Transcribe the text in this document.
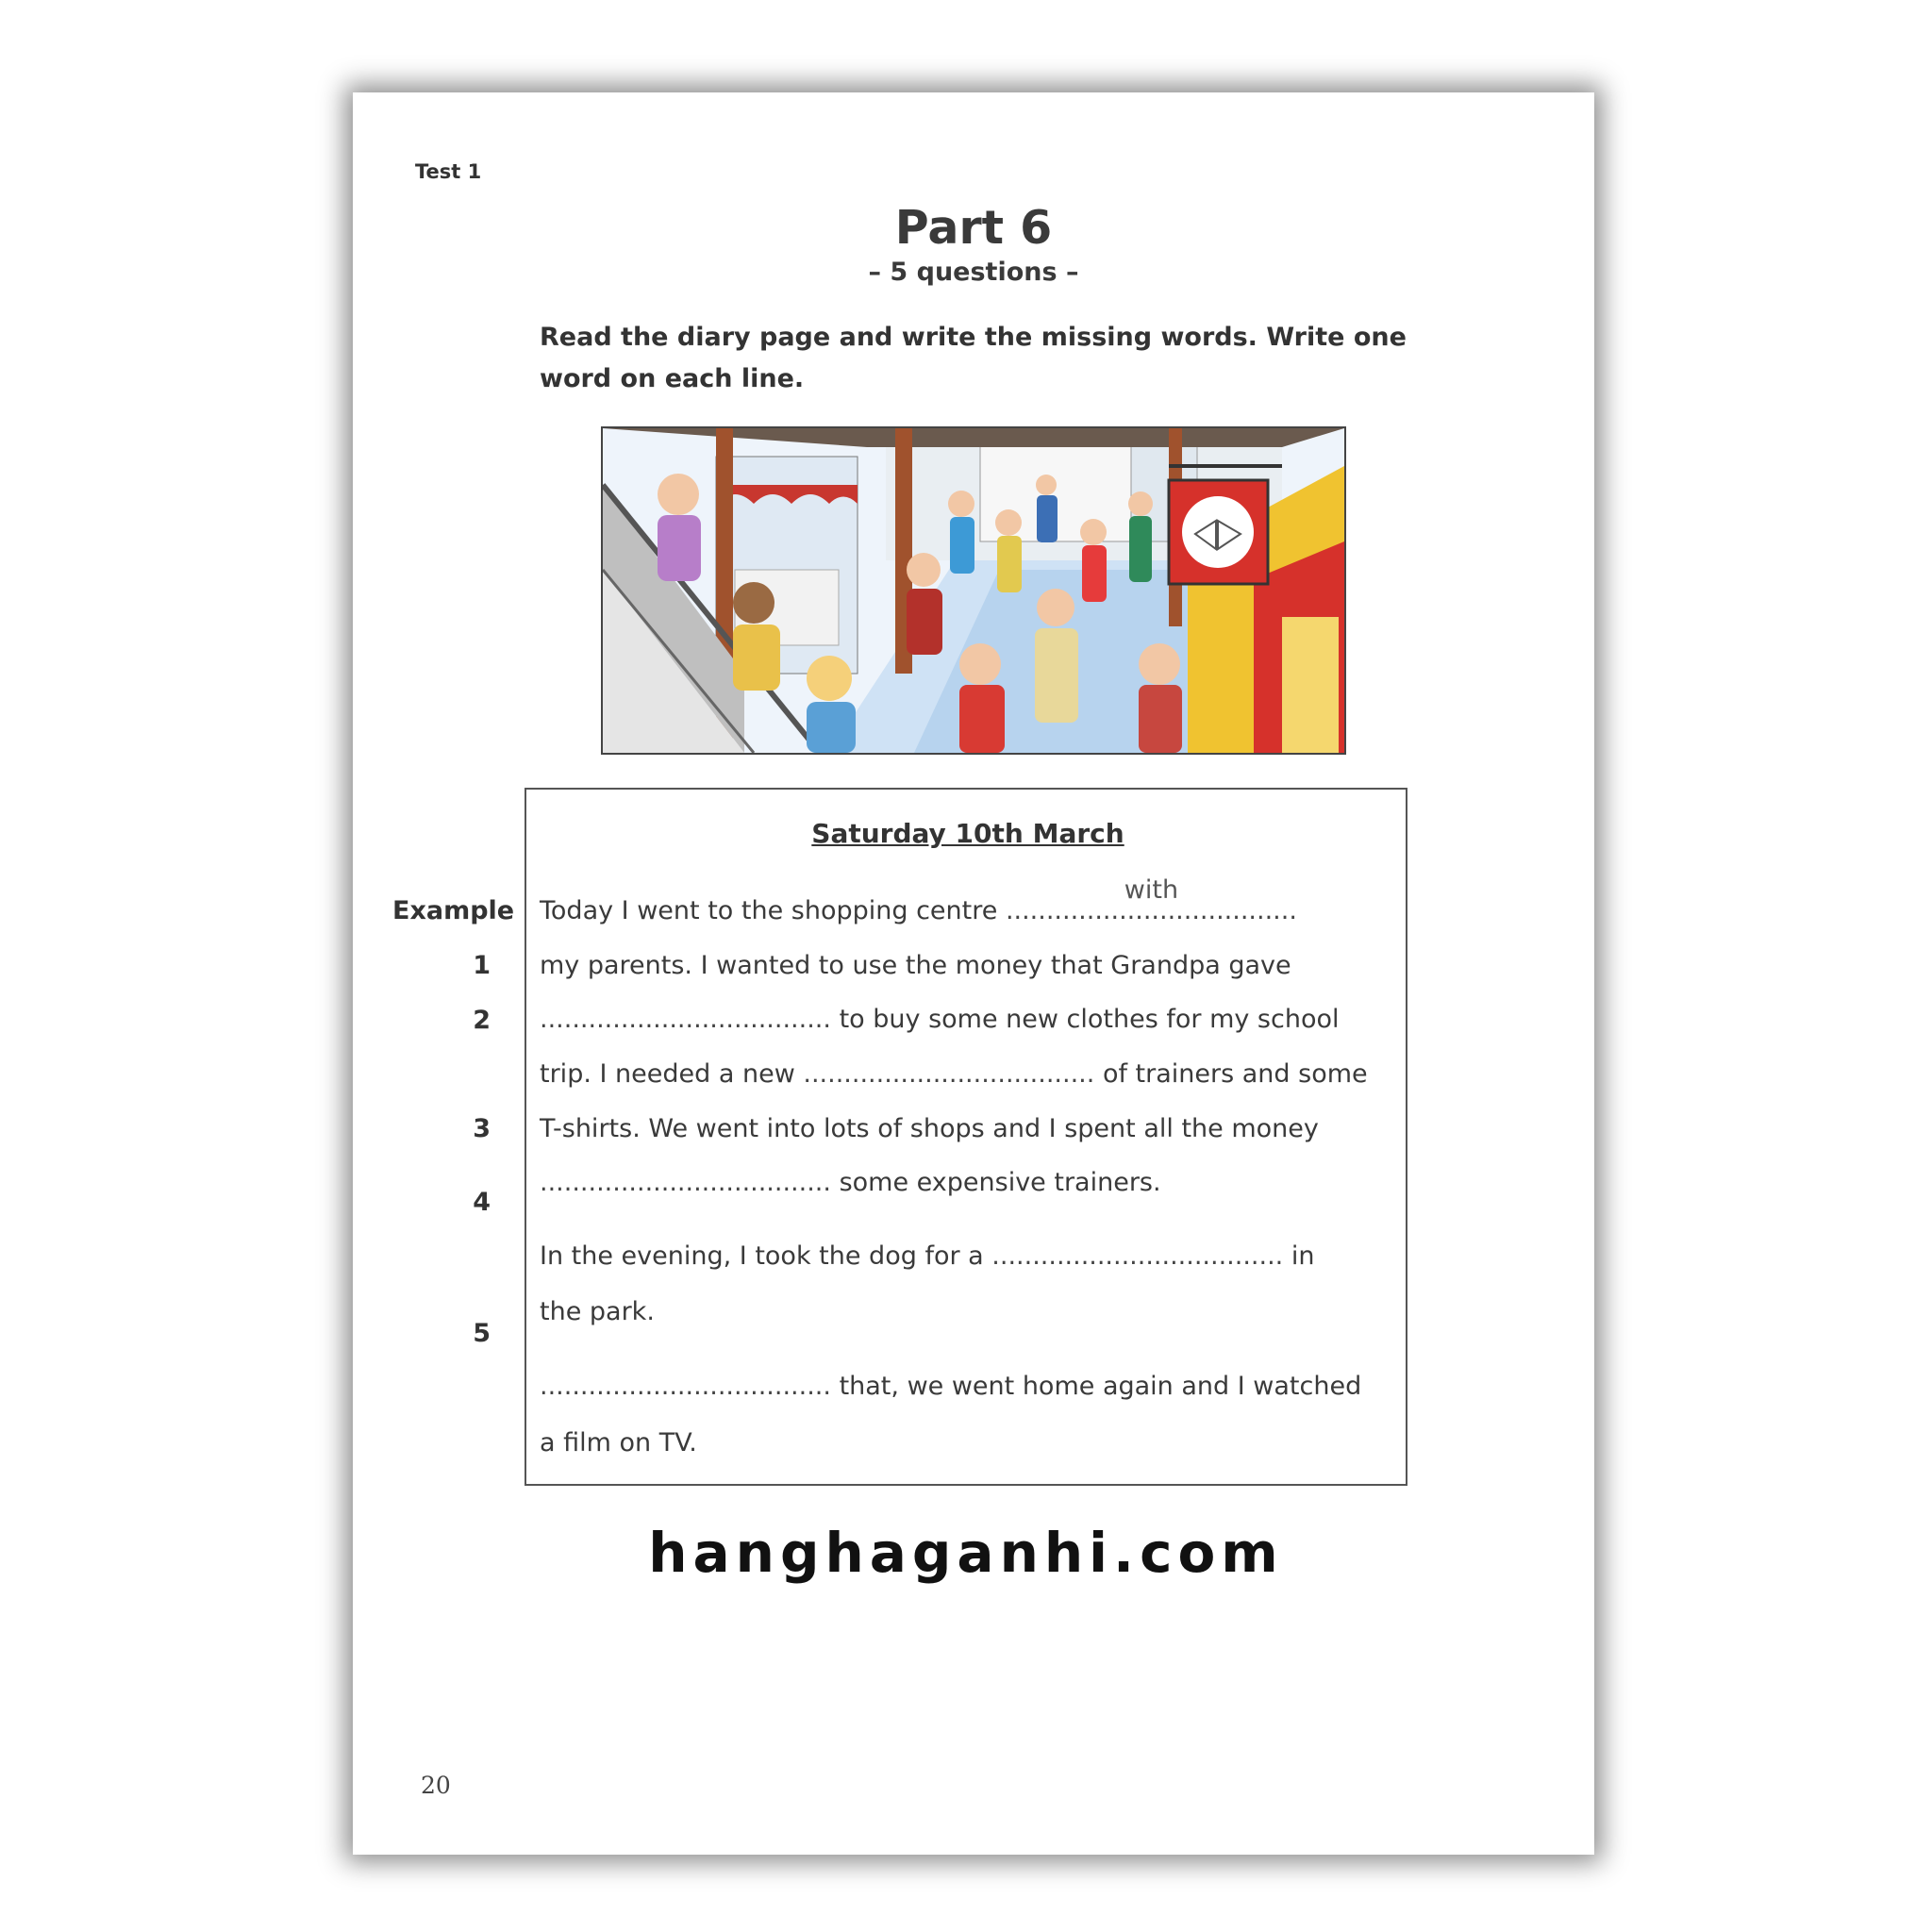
Test 1
Part 6
– 5 questions –
Read the diary page and write the missing words. Write one word on each line.
Example
1
2
3
4
5
Saturday 10th March
Today I went to the shopping centre ....................................
with
my parents. I wanted to use the money that Grandpa gave
.................................... to buy some new clothes for my school
trip. I needed a new .................................... of trainers and some
T-shirts. We went into lots of shops and I spent all the money
.................................... some expensive trainers.
In the evening, I took the dog for a .................................... in
the park.
.................................... that, we went home again and I watched
a film on TV.
20
hanghaganhi.com
